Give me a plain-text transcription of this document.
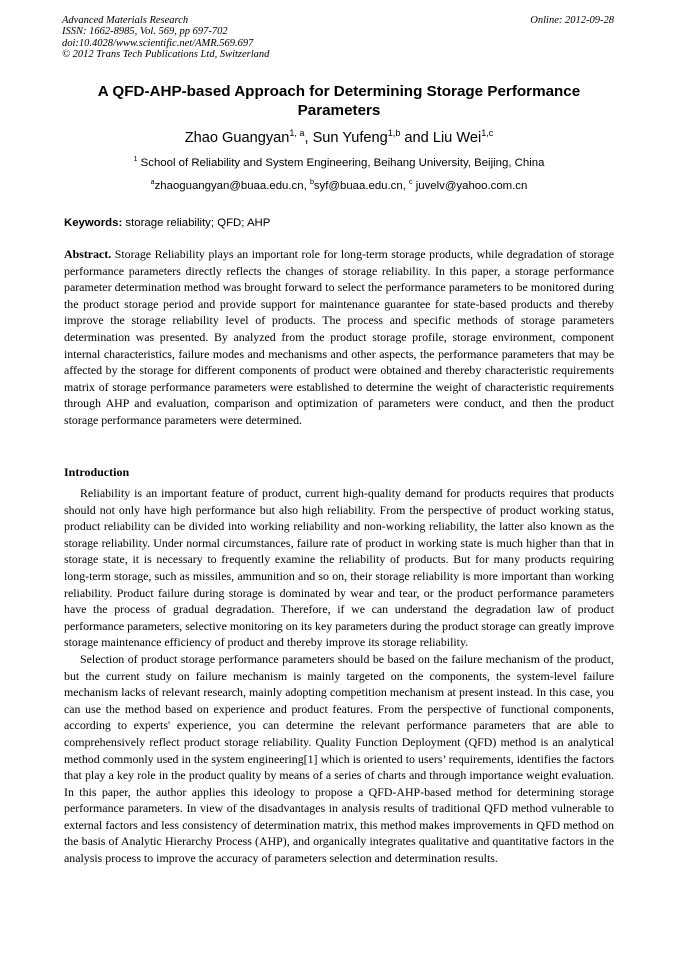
Advanced Materials Research
ISSN: 1662-8985, Vol. 569, pp 697-702
doi:10.4028/www.scientific.net/AMR.569.697
© 2012 Trans Tech Publications Ltd, Switzerland
Online: 2012-09-28
A QFD-AHP-based Approach for Determining Storage Performance Parameters
Zhao Guangyan$^{1, a}$, Sun Yufeng$^{1,b}$ and Liu Wei$^{1,c}$
$^1$ School of Reliability and System Engineering, Beihang University, Beijing, China
$^a$zhaoguangyan@buaa.edu.cn, $^b$syf@buaa.edu.cn, $^c$ juvelv@yahoo.com.cn
Keywords: storage reliability; QFD; AHP
Abstract. Storage Reliability plays an important role for long-term storage products, while degradation of storage performance parameters directly reflects the changes of storage reliability. In this paper, a storage performance parameter determination method was brought forward to select the performance parameters to be monitored during the product storage period and provide support for maintenance guarantee for state-based products and thereby improve the storage reliability level of products. The process and specific methods of storage parameters determination was presented. By analyzed from the product storage profile, storage environment, component internal characteristics, failure modes and mechanisms and other aspects, the performance parameters that may be affected by the storage for different components of product were obtained and thereby characteristic requirements matrix of storage performance parameters were established to determine the weight of characteristic requirements through AHP and evaluation, comparison and optimization of parameters were conduct, and then the product storage performance parameters were determined.
Introduction

Reliability is an important feature of product, current high-quality demand for products requires that products should not only have high performance but also high reliability. From the perspective of product working status, product reliability can be divided into working reliability and non-working reliability, the latter also known as the storage reliability. Under normal circumstances, failure rate of product in working state is much higher than that in storage state, it is necessary to frequently examine the reliability of products. But for many products requiring long-term storage, such as missiles, ammunition and so on, their storage reliability is more important than working reliability. Product failure during storage is dominated by wear and tear, or the product performance parameters have the process of gradual degradation. Therefore, if we can understand the degradation law of product performance parameters, selective monitoring on its key parameters during the product storage can greatly improve storage maintenance efficiency of product and thereby improve its storage reliability.

Selection of product storage performance parameters should be based on the failure mechanism of the product, but the current study on failure mechanism is mainly targeted on the components, the system-level failure mechanism lacks of relevant research, mainly adopting competition mechanism at present instead. In this case, you can use the method based on experience and product features. From the perspective of functional components, according to experts' experience, you can determine the relevant performance parameters that are able to comprehensively reflect product storage reliability. Quality Function Deployment (QFD) method is an analytical method commonly used in the system engineering[1] which is oriented to users’ requirements, identifies the factors that play a key role in the product quality by means of a series of charts and through importance weight evaluation. In this paper, the author applies this ideology to propose a QFD-AHP-based method for determining storage performance parameters. In view of the disadvantages in analysis results of traditional QFD method vulnerable to external factors and less consistency of determination matrix, this method makes improvements in QFD method on the basis of Analytic Hierarchy Process (AHP), and organically integrates qualitative and quantitative factors in the analysis process to improve the accuracy of parameters selection and determination results.
